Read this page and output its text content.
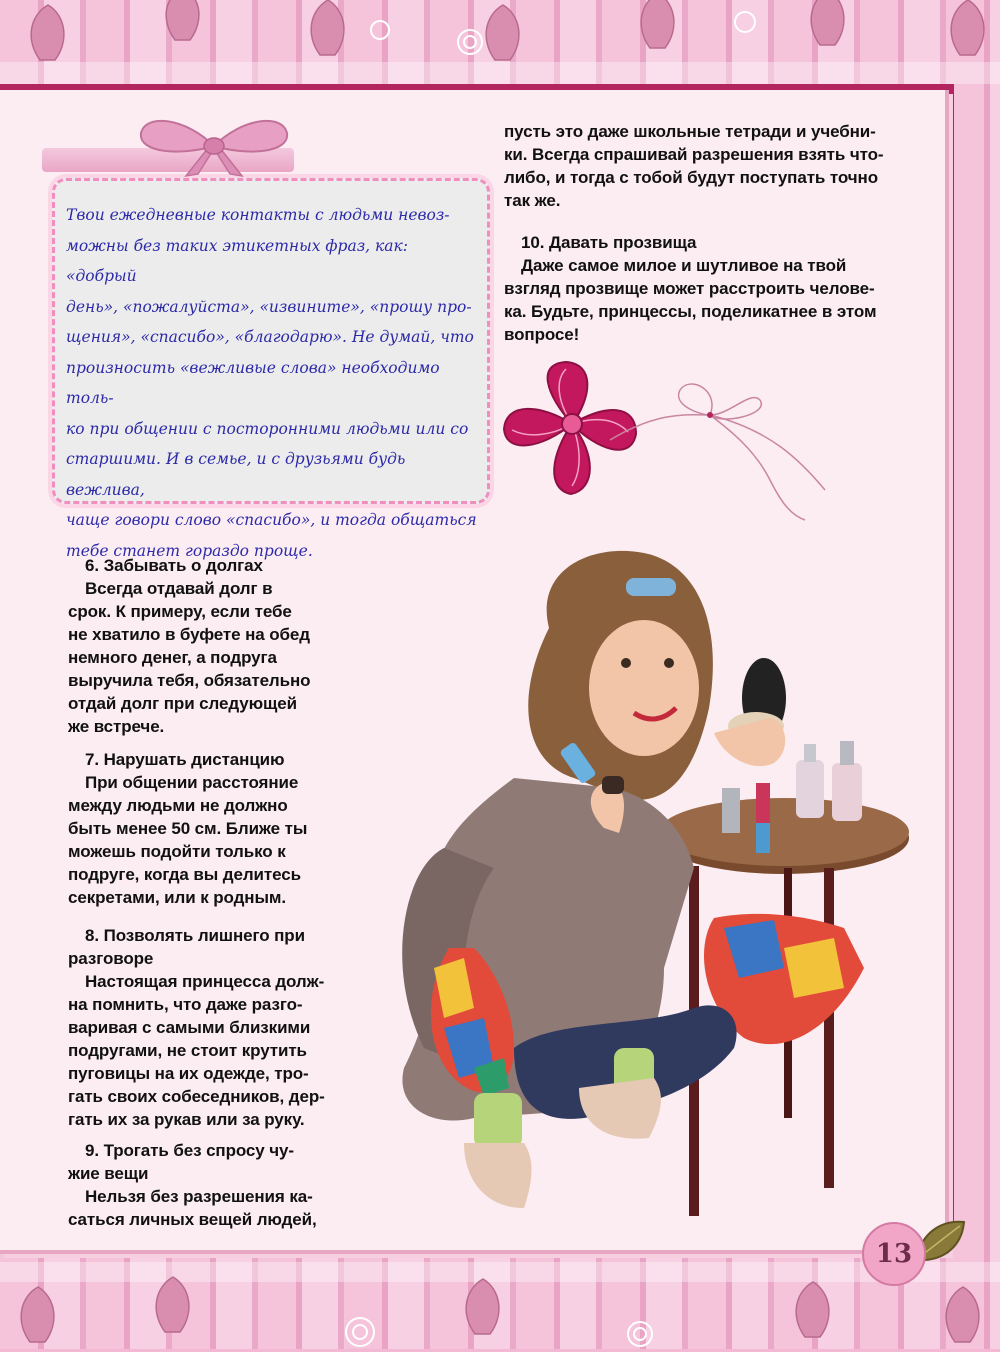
Твои ежедневные контакты с людьми невоз-
можны без таких этикетных фраз, как: «добрый
день», «пожалуйста», «извините», «прошу про-
щения», «спасибо», «благодарю». Не думай, что
произносить «вежливые слова» необходимо толь-
ко при общении с посторонними людьми или со
старшими. И в семье, и с друзьями будь вежлива,
чаще говори слово «спасибо», и тогда общаться
тебе станет гораздо проще.

пусть это даже школьные тетради и учебни-

ки. Всегда спрашивай разрешения взять что-

либо, и тогда с тобой будут поступать точно

так же.

10. Давать прозвища

Даже самое милое и шутливое на твой

взгляд прозвище может расстроить челове-

ка. Будьте, принцессы, поделикатнее в этом

вопросе!

6. Забывать о долгах

Всегда отдавай долг в

срок. К примеру, если тебе

не хватило в буфете на обед

немного денег, а подруга

выручила тебя, обязательно

отдай долг при следующей

же встрече.

7. Нарушать дистанцию

При общении расстояние

между людьми не должно

быть менее 50 см. Ближе ты

можешь подойти только к

подруге, когда вы делитесь

секретами, или к родным.

8. Позволять лишнего при

разговоре

Настоящая принцесса долж-

на помнить, что даже разго-

варивая с самыми близкими

подругами, не стоит крутить

пуговицы на их одежде, тро-

гать своих собеседников, дер-

гать их за рукав или за руку.

9. Трогать без спросу чу-

жие вещи

Нельзя без разрешения ка-

саться личных вещей людей,

13
